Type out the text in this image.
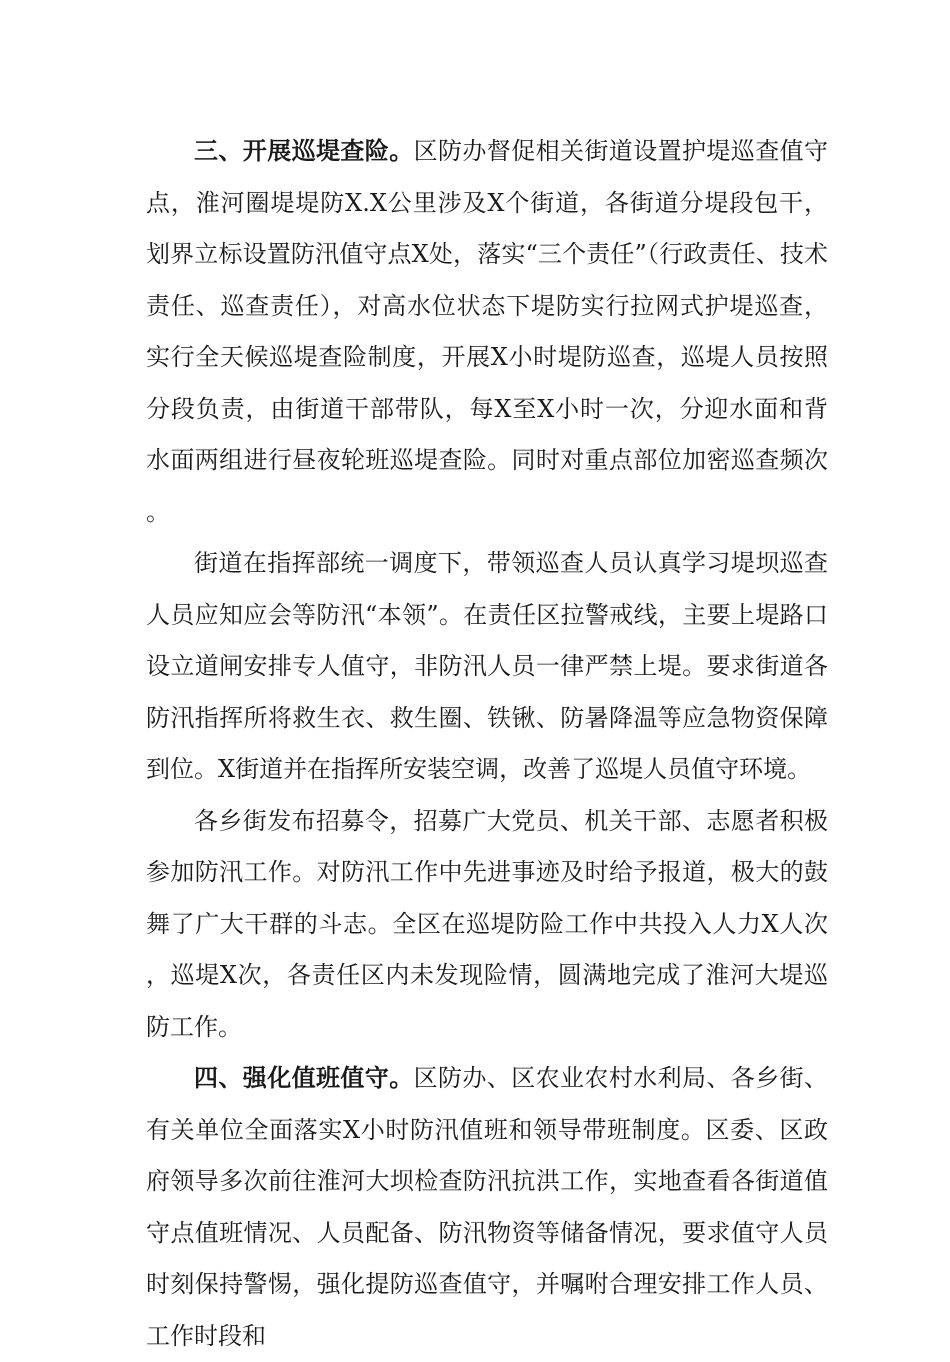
三、开展巡堤查险。区防办督促相关街道设置护堤巡查值守点，淮河圈堤堤防X.X公里涉及X个街道，各街道分堤段包干，划界立标设置防汛值守点X处，落实“三个责任”（行政责任、技术责任、巡查责任），对高水位状态下堤防实行拉网式护堤巡查，实行全天候巡堤查险制度，开展X小时堤防巡查，巡堤人员按照分段负责，由街道干部带队，每X至X小时一次，分迎水面和背水面两组进行昼夜轮班巡堤查险。同时对重点部位加密巡查频次。

街道在指挥部统一调度下，带领巡查人员认真学习堤坝巡查人员应知应会等防汛“本领”。在责任区拉警戒线，主要上堤路口设立道闸安排专人值守，非防汛人员一律严禁上堤。要求街道各防汛指挥所将救生衣、救生圈、铁锹、防暑降温等应急物资保障到位。X街道并在指挥所安装空调，改善了巡堤人员值守环境。

各乡街发布招募令，招募广大党员、机关干部、志愿者积极参加防汛工作。对防汛工作中先进事迹及时给予报道，极大的鼓舞了广大干群的斗志。全区在巡堤防险工作中共投入人力X人次，巡堤X次，各责任区内未发现险情，圆满地完成了淮河大堤巡防工作。

四、强化值班值守。区防办、区农业农村水利局、各乡街、有关单位全面落实X小时防汛值班和领导带班制度。区委、区政府领导多次前往淮河大坝检查防汛抗洪工作，实地查看各街道值守点值班情况、人员配备、防汛物资等储备情况，要求值守人员时刻保持警惕，强化提防巡查值守，并嘱咐合理安排工作人员、工作时段和
